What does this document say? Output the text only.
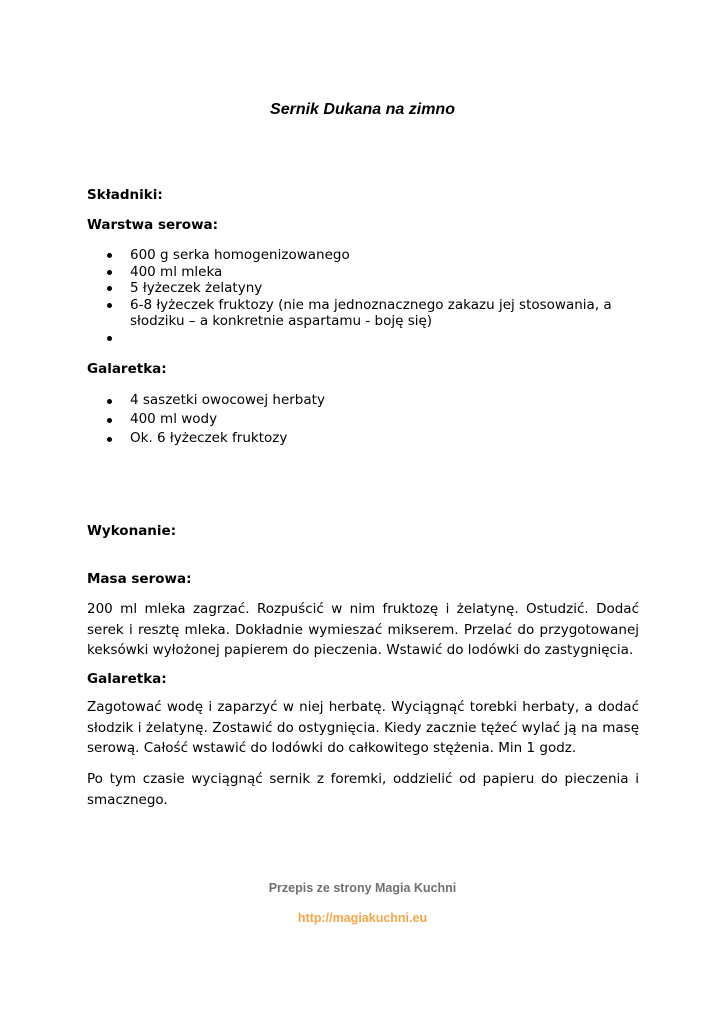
Sernik Dukana na zimno
Składniki:
Warstwa serowa:
600 g serka homogenizowanego
400 ml mleka
5 łyżeczek żelatyny
6-8 łyżeczek fruktozy (nie ma jednoznacznego zakazu jej stosowania, a słodziku – a konkretnie aspartamu - boję się)
Galaretka:
4 saszetki owocowej herbaty
400 ml wody
Ok. 6 łyżeczek fruktozy
Wykonanie:
Masa serowa:

200 ml mleka zagrzać. Rozpuścić w nim fruktozę i żelatynę. Ostudzić. Dodać serek i resztę mleka. Dokładnie wymieszać mikserem. Przelać do przygotowanej keksówki wyłożonej papierem do pieczenia. Wstawić do lodówki do zastygnięcia.

Galaretka:

Zagotować wodę i zaparzyć w niej herbatę. Wyciągnąć torebki herbaty, a dodać słodzik i żelatynę. Zostawić do ostygnięcia. Kiedy zacznie tężeć wylać ją na masę serową. Całość wstawić do lodówki do całkowitego stężenia. Min 1 godz.

Po tym czasie wyciągnąć sernik z foremki, oddzielić od papieru do pieczenia i smacznego.

Przepis ze strony Magia Kuchni
http://magiakuchni.eu
